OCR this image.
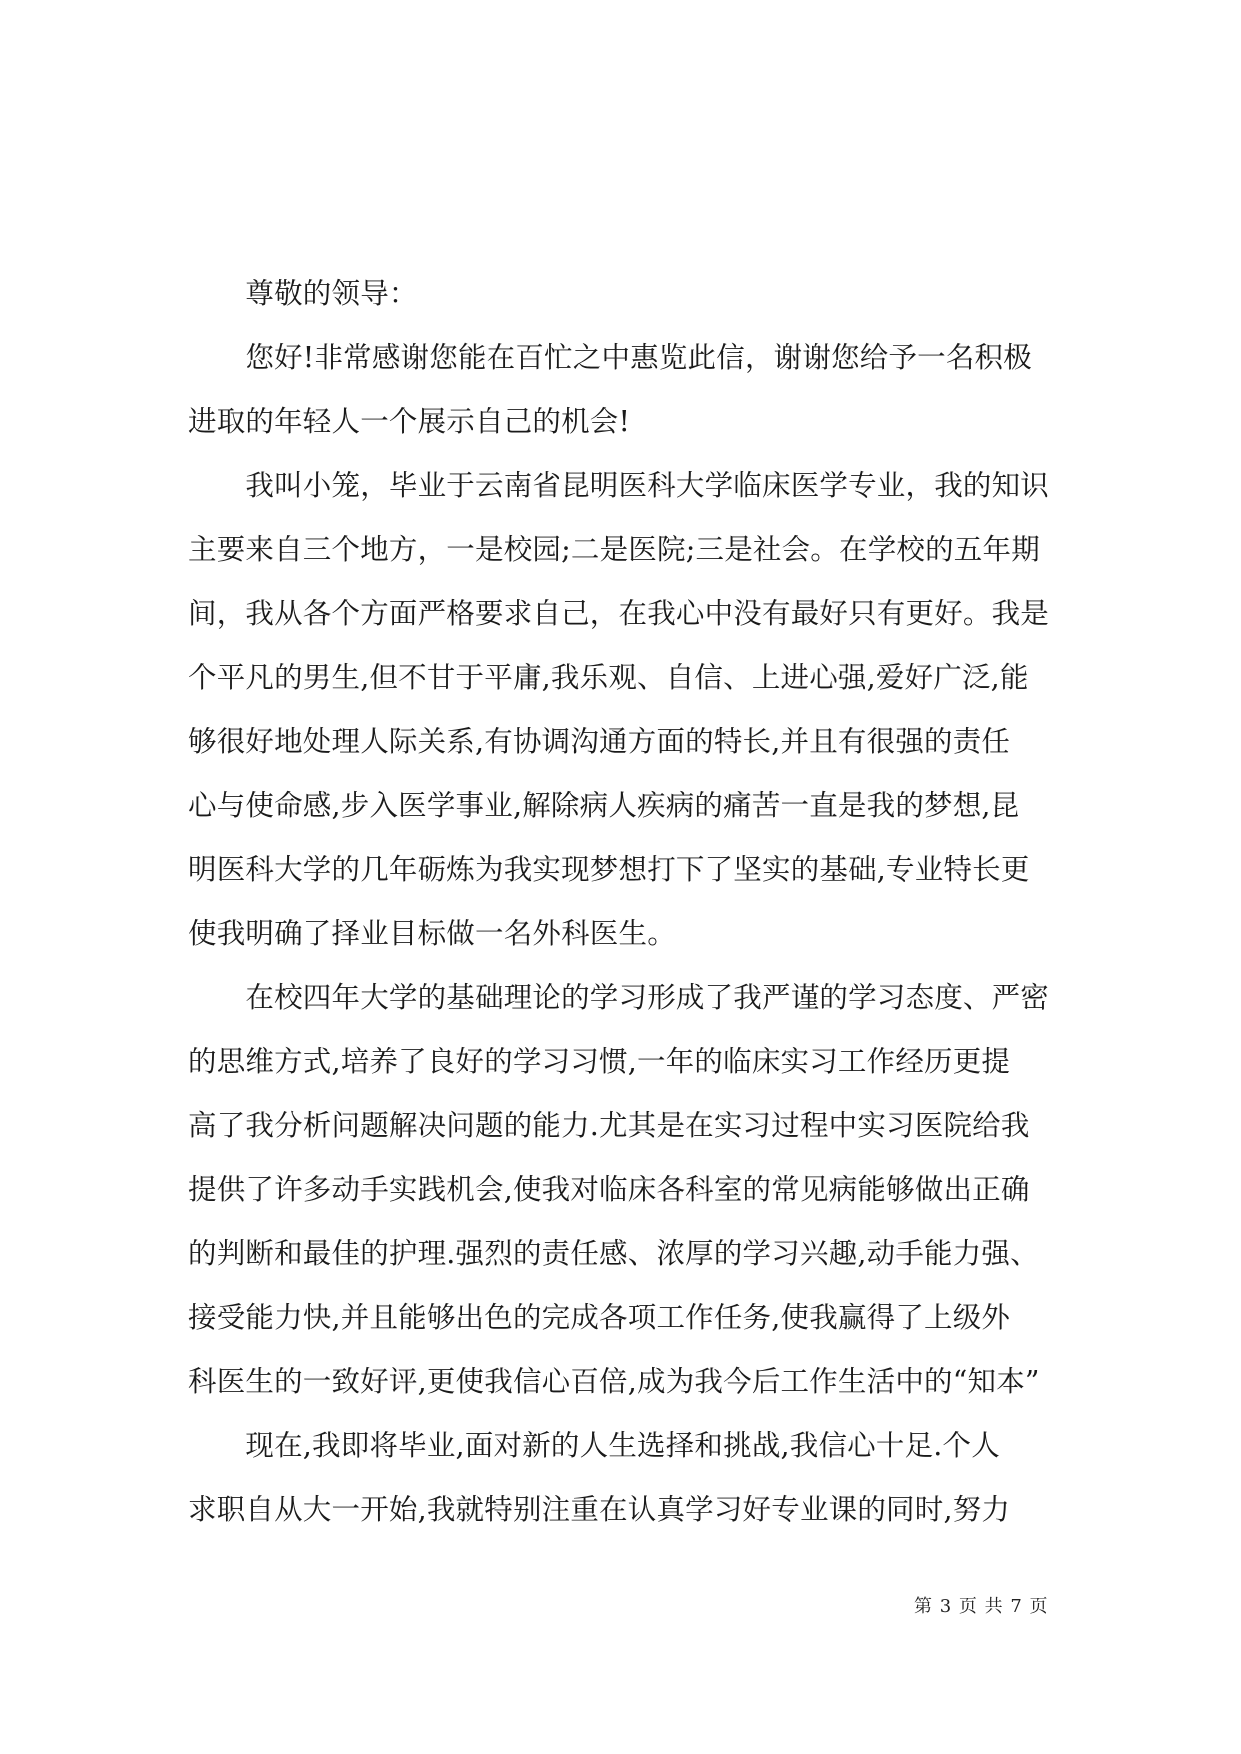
　　尊敬的领导：
　　您好!非常感谢您能在百忙之中惠览此信，谢谢您给予一名积极
进取的年轻人一个展示自己的机会!
　　我叫小笼，毕业于云南省昆明医科大学临床医学专业，我的知识
主要来自三个地方，一是校园;二是医院;三是社会。在学校的五年期
间，我从各个方面严格要求自己，在我心中没有最好只有更好。我是
个平凡的男生,但不甘于平庸,我乐观、自信、上进心强,爱好广泛,能
够很好地处理人际关系,有协调沟通方面的特长,并且有很强的责任
心与使命感,步入医学事业,解除病人疾病的痛苦一直是我的梦想,昆
明医科大学的几年砺炼为我实现梦想打下了坚实的基础,专业特长更
使我明确了择业目标做一名外科医生。
　　在校四年大学的基础理论的学习形成了我严谨的学习态度、严密
的思维方式,培养了良好的学习习惯,一年的临床实习工作经历更提
高了我分析问题解决问题的能力.尤其是在实习过程中实习医院给我
提供了许多动手实践机会,使我对临床各科室的常见病能够做出正确
的判断和最佳的护理.强烈的责任感、浓厚的学习兴趣,动手能力强、
接受能力快,并且能够出色的完成各项工作任务,使我赢得了上级外
科医生的一致好评,更使我信心百倍,成为我今后工作生活中的“知本”
　　现在,我即将毕业,面对新的人生选择和挑战,我信心十足.个人
求职自从大一开始,我就特别注重在认真学习好专业课的同时,努力
第 3 页 共 7 页
